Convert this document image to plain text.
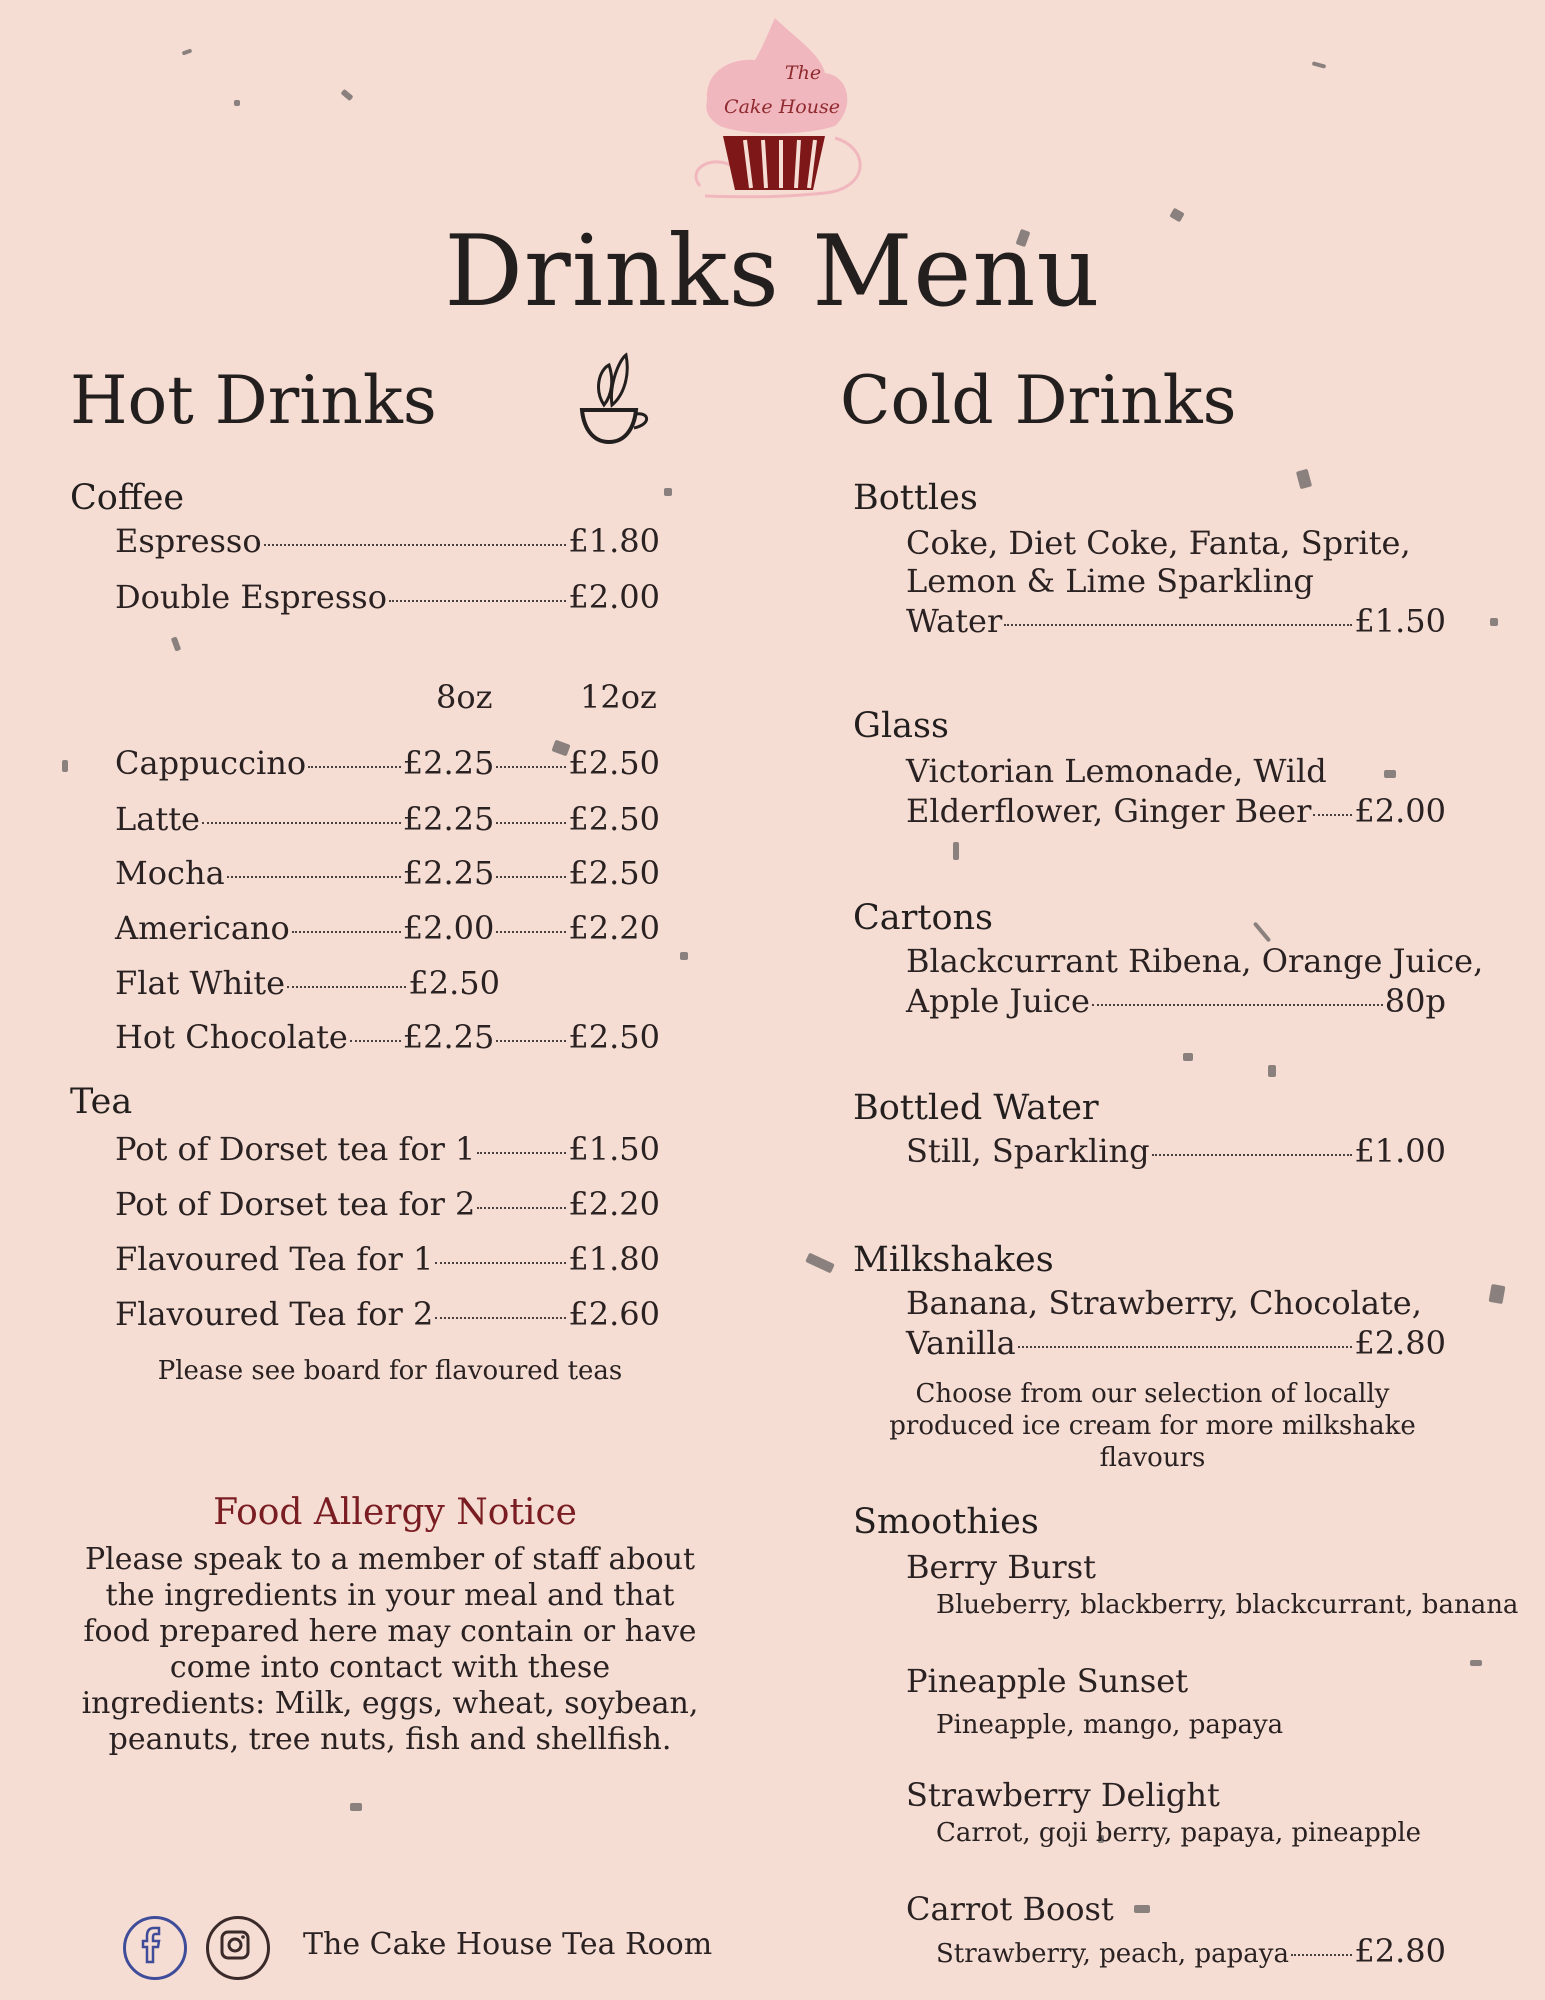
The
Cake House
Drinks Menu
Hot Drinks
Coffee
Espresso	£1.80
Double Espresso	£2.00
8oz	12oz
Cappuccino	£2.25 £2.50
Latte	£2.25 £2.50
Mocha	£2.25 £2.50
Americano	£2.00 £2.20
Flat White	£2.50
Hot Chocolate £2.25 £2.50
Tea
Pot of Dorset tea for 1	£1.50
Pot of Dorset tea for 2	£2.20
Flavoured Tea for 1	£1.80
Flavoured Tea for 2	£2.60
Please see board for flavoured teas
Food Allergy Notice
Please speak to a member of staff about the ingredients in your meal and that food prepared here may contain or have come into contact with these ingredients: Milk, eggs, wheat, soybean, peanuts, tree nuts, fish and shellfish.
The Cake House Tea Room
Cold Drinks
Bottles
Coke, Diet Coke, Fanta, Sprite,
Lemon & Lime Sparkling
Water	£1.50
Glass
Victorian Lemonade, Wild
Elderflower, Ginger Beer £2.00
Cartons
Blackcurrant Ribena, Orange Juice,
Apple Juice	80p
Bottled Water
Still, Sparkling	£1.00
Milkshakes
Banana, Strawberry, Chocolate,
Vanilla	£2.80
Choose from our selection of locally produced ice cream for more milkshake flavours
Smoothies
Berry Burst
Blueberry, blackberry, blackcurrant, banana
Pineapple Sunset
Pineapple, mango, papaya
Strawberry Delight
Carrot, goji berry, papaya, pineapple
Carrot Boost
Strawberry, peach, papaya £2.80
